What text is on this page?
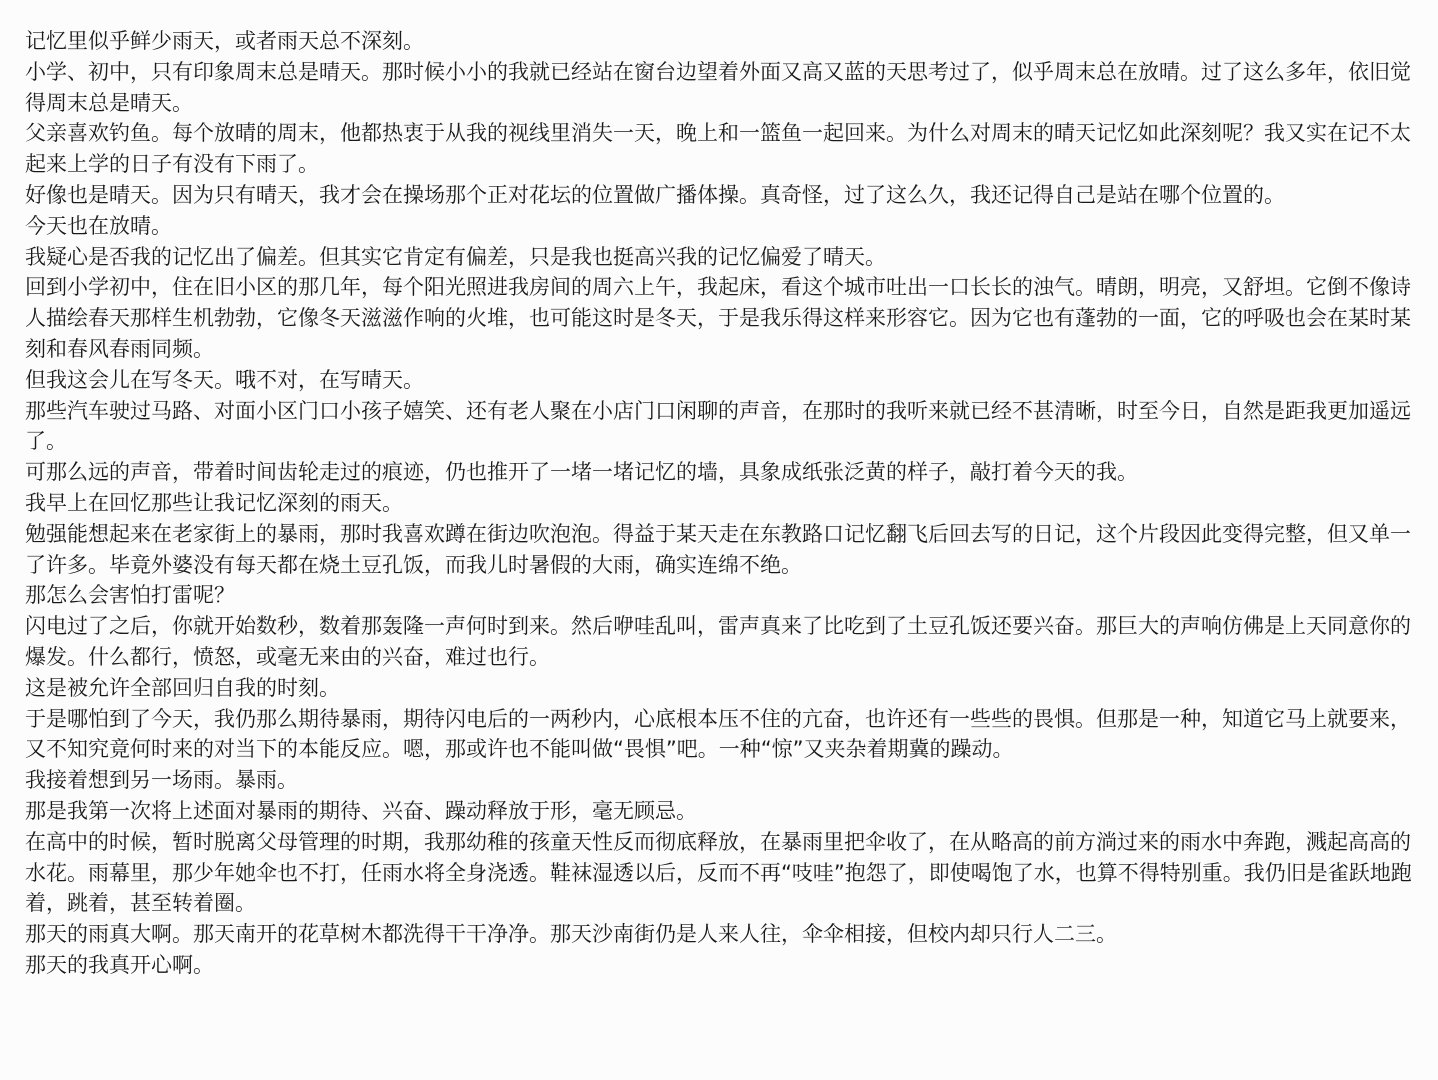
记忆里似乎鲜少雨天，或者雨天总不深刻。

小学、初中，只有印象周末总是晴天。那时候小小的我就已经站在窗台边望着外面又高又蓝的天思考过了，似乎周末总在放晴。过了这么多年，依旧觉得周末总是晴天。

父亲喜欢钓鱼。每个放晴的周末，他都热衷于从我的视线里消失一天，晚上和一篮鱼一起回来。为什么对周末的晴天记忆如此深刻呢？我又实在记不太起来上学的日子有没有下雨了。

好像也是晴天。因为只有晴天，我才会在操场那个正对花坛的位置做广播体操。真奇怪，过了这么久，我还记得自己是站在哪个位置的。

今天也在放晴。

我疑心是否我的记忆出了偏差。但其实它肯定有偏差，只是我也挺高兴我的记忆偏爱了晴天。

回到小学初中，住在旧小区的那几年，每个阳光照进我房间的周六上午，我起床，看这个城市吐出一口长长的浊气。晴朗，明亮，又舒坦。它倒不像诗人描绘春天那样生机勃勃，它像冬天滋滋作响的火堆，也可能这时是冬天，于是我乐得这样来形容它。因为它也有蓬勃的一面，它的呼吸也会在某时某刻和春风春雨同频。

但我这会儿在写冬天。哦不对，在写晴天。

那些汽车驶过马路、对面小区门口小孩子嬉笑、还有老人聚在小店门口闲聊的声音，在那时的我听来就已经不甚清晰，时至今日，自然是距我更加遥远了。

可那么远的声音，带着时间齿轮走过的痕迹，仍也推开了一堵一堵记忆的墙，具象成纸张泛黄的样子，敲打着今天的我。

我早上在回忆那些让我记忆深刻的雨天。

勉强能想起来在老家街上的暴雨，那时我喜欢蹲在街边吹泡泡。得益于某天走在东教路口记忆翻飞后回去写的日记，这个片段因此变得完整，但又单一了许多。毕竟外婆没有每天都在烧土豆孔饭，而我儿时暑假的大雨，确实连绵不绝。

那怎么会害怕打雷呢？

闪电过了之后，你就开始数秒，数着那轰隆一声何时到来。然后咿哇乱叫，雷声真来了比吃到了土豆孔饭还要兴奋。那巨大的声响仿佛是上天同意你的爆发。什么都行，愤怒，或毫无来由的兴奋，难过也行。

这是被允许全部回归自我的时刻。

于是哪怕到了今天，我仍那么期待暴雨，期待闪电后的一两秒内，心底根本压不住的亢奋，也许还有一些些的畏惧。但那是一种，知道它马上就要来，又不知究竟何时来的对当下的本能反应。嗯，那或许也不能叫做“畏惧”吧。一种“惊”又夹杂着期冀的躁动。

我接着想到另一场雨。暴雨。

那是我第一次将上述面对暴雨的期待、兴奋、躁动释放于形，毫无顾忌。

在高中的时候，暂时脱离父母管理的时期，我那幼稚的孩童天性反而彻底释放，在暴雨里把伞收了，在从略高的前方淌过来的雨水中奔跑，溅起高高的水花。雨幕里，那少年她伞也不打，任雨水将全身浇透。鞋袜湿透以后，反而不再“吱哇”抱怨了，即使喝饱了水，也算不得特别重。我仍旧是雀跃地跑着，跳着，甚至转着圈。

那天的雨真大啊。那天南开的花草树木都洗得干干净净。那天沙南街仍是人来人往，伞伞相接，但校内却只行人二三。

那天的我真开心啊。
